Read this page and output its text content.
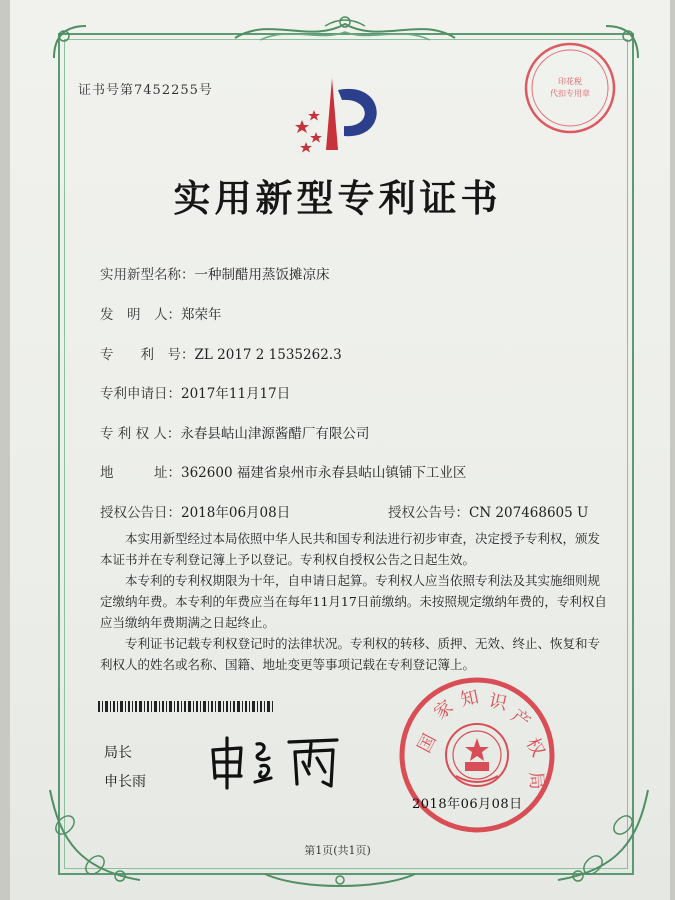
证书号第7452255号
印花税
代扣专用章
实用新型专利证书
实用新型名称：一种制醋用蒸饭摊凉床
发　明　人：郑荣年
专　　利　号：ZL 2017 2 1535262.3
专利申请日：2017年11月17日
专 利 权 人：永春县岵山津源酱醋厂有限公司
地　　　址：362600 福建省泉州市永春县岵山镇铺下工业区
授权公告日：2018年06月08日	授权公告号：CN 207468605 U

本实用新型经过本局依照中华人民共和国专利法进行初步审查，决定授予专利权，颁发本证书并在专利登记簿上予以登记。专利权自授权公告之日起生效。

本专利的专利权期限为十年，自申请日起算。专利权人应当依照专利法及其实施细则规定缴纳年费。本专利的年费应当在每年11月17日前缴纳。未按照规定缴纳年费的，专利权自应当缴纳年费期满之日起终止。

专利证书记载专利权登记时的法律状况。专利权的转移、质押、无效、终止、恢复和专利权人的姓名或名称、国籍、地址变更等事项记载在专利登记簿上。

局长
申长雨
国
家 知 识
产
权
局
2018年06月08日
第1页(共1页)
